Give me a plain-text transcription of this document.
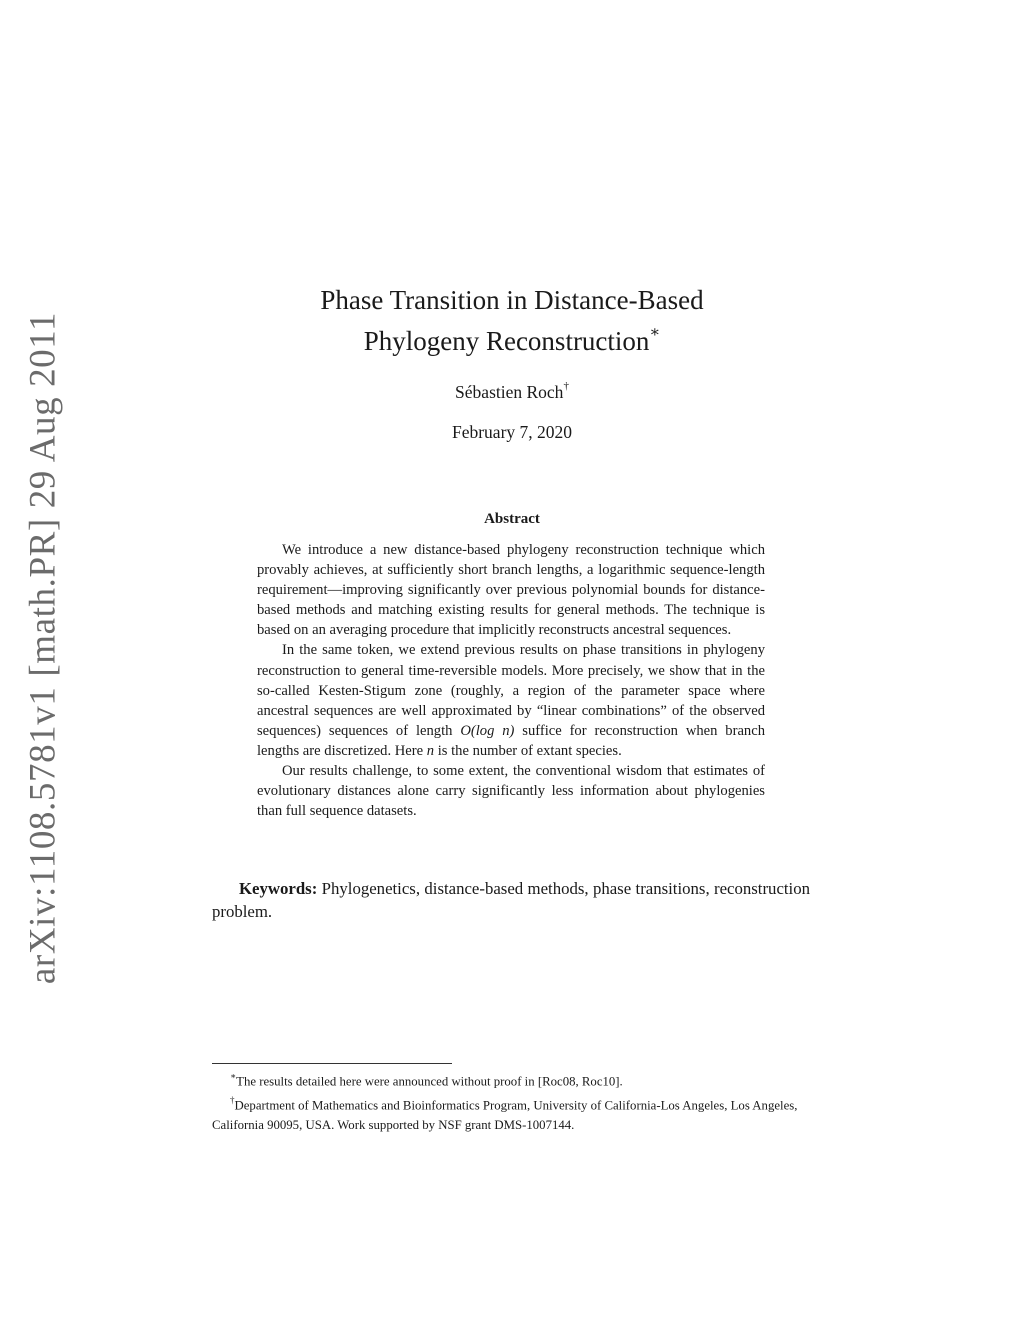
arXiv:1108.5781v1 [math.PR] 29 Aug 2011
Phase Transition in Distance-Based
Phylogeny Reconstruction∗
Sébastien Roch†
February 7, 2020
Abstract

We introduce a new distance-based phylogeny reconstruction technique which provably achieves, at sufficiently short branch lengths, a logarithmic sequence-length requirement—improving significantly over previous polynomial bounds for distance-based methods and matching existing results for general methods. The technique is based on an averaging procedure that implicitly reconstructs ancestral sequences.

In the same token, we extend previous results on phase transitions in phylogeny reconstruction to general time-reversible models. More precisely, we show that in the so-called Kesten-Stigum zone (roughly, a region of the parameter space where ancestral sequences are well approximated by “linear combinations” of the observed sequences) sequences of length O(log n) suffice for reconstruction when branch lengths are discretized. Here n is the number of extant species.

Our results challenge, to some extent, the conventional wisdom that estimates of evolutionary distances alone carry significantly less information about phylogenies than full sequence datasets.

Keywords: Phylogenetics, distance-based methods, phase transitions, reconstruction problem.

∗The results detailed here were announced without proof in [Roc08, Roc10].

†Department of Mathematics and Bioinformatics Program, University of California-Los Angeles, Los Angeles, California 90095, USA. Work supported by NSF grant DMS-1007144.
